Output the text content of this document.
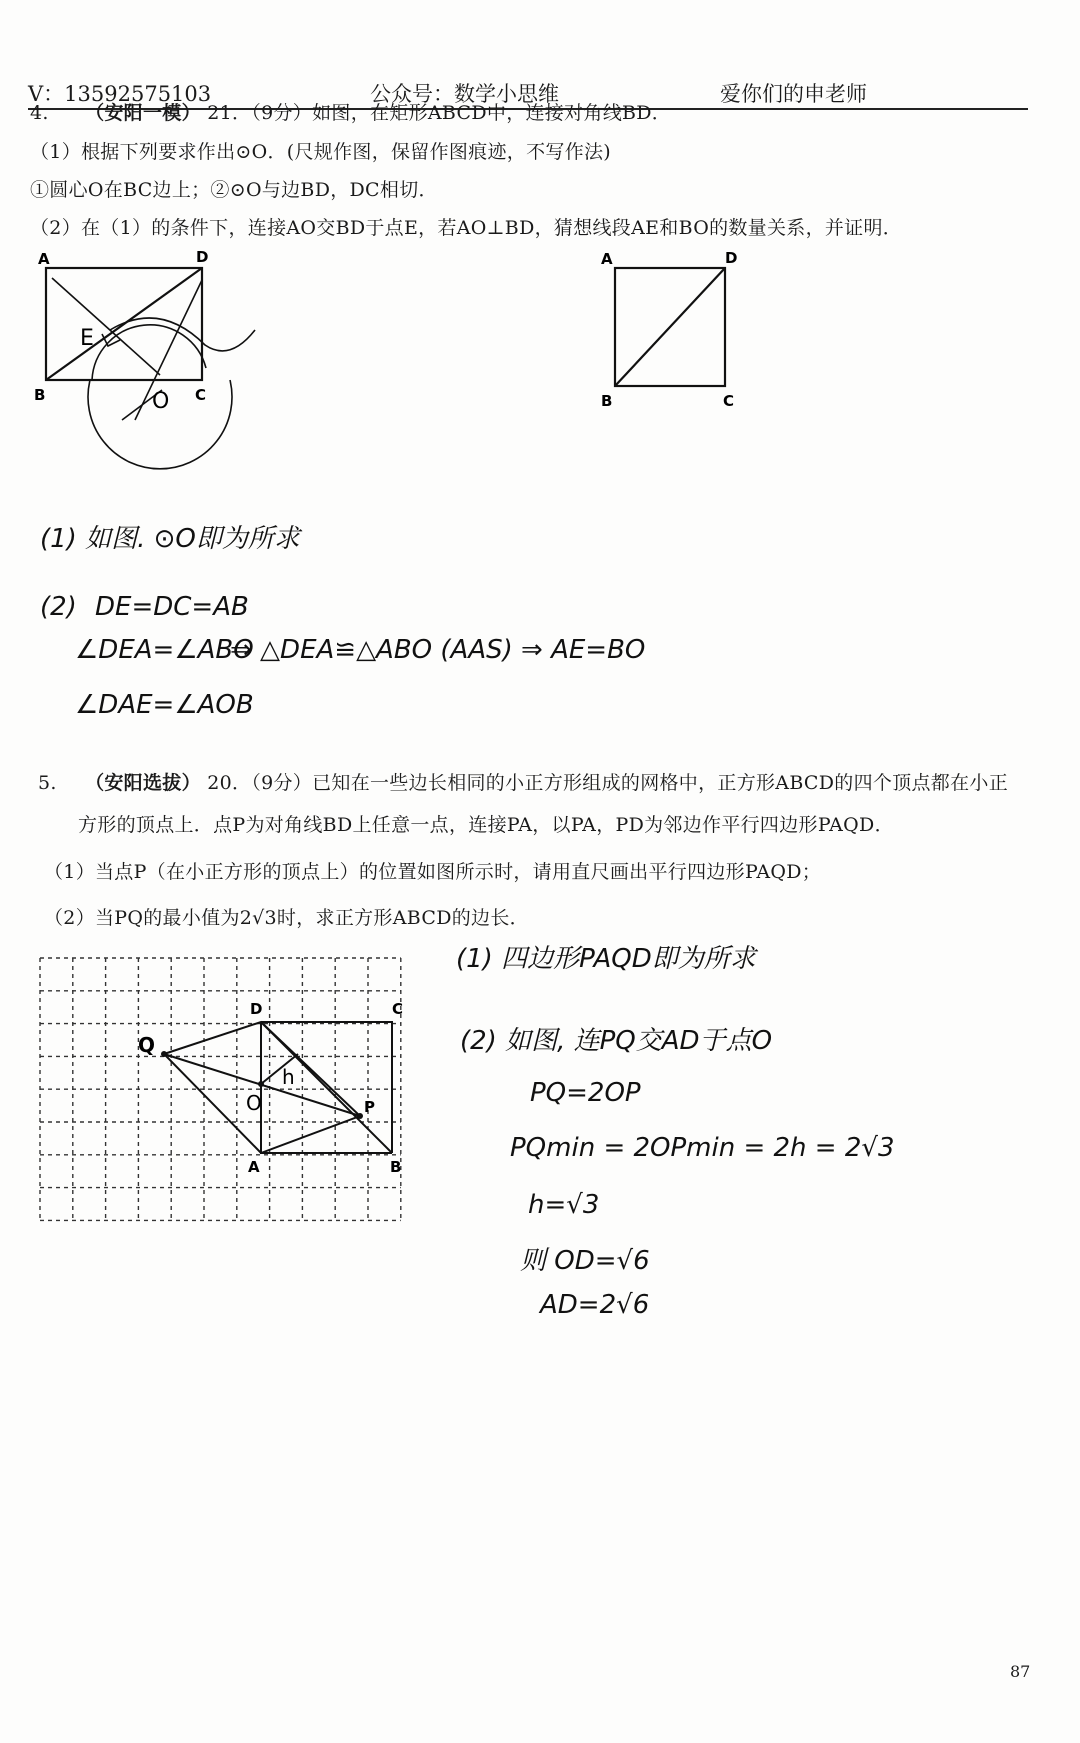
V：13592575103	公众号：数学小思维	爱你们的申老师
4. （安阳一模） 21．（9分）如图，在矩形ABCD中，连接对角线BD．
（1）根据下列要求作出⊙O．(尺规作图，保留作图痕迹，不写作法)
①圆心O在BC边上；②⊙O与边BD，DC相切．
（2）在（1）的条件下，连接AO交BD于点E，若AO⊥BD，猜想线段AE和BO的数量关系，并证明．
A	D
B	C
E
O
A	D
B	C
(1) 如图. ⊙O即为所求
(2) DE=DC=AB
∠DEA=∠ABO
⇒ △DEA≌△ABO (AAS) ⇒ AE=BO
∠DAE=∠AOB
5. （安阳选拔） 20．（9分）已知在一些边长相同的小正方形组成的网格中，正方形ABCD的四个顶点都在小正
方形的顶点上．点P为对角线BD上任意一点，连接PA，以PA，PD为邻边作平行四边形PAQD．
（1）当点P（在小正方形的顶点上）的位置如图所示时，请用直尺画出平行四边形PAQD；
（2）当PQ的最小值为2√3时，求正方形ABCD的边长．
D	C
Q
h
O	P
A	B
(1) 四边形PAQD即为所求
(2) 如图, 连PQ交AD于点O
PQ=2OP
PQmin = 2OPmin = 2h = 2√3
h=√3
则 OD=√6
AD=2√6
87
